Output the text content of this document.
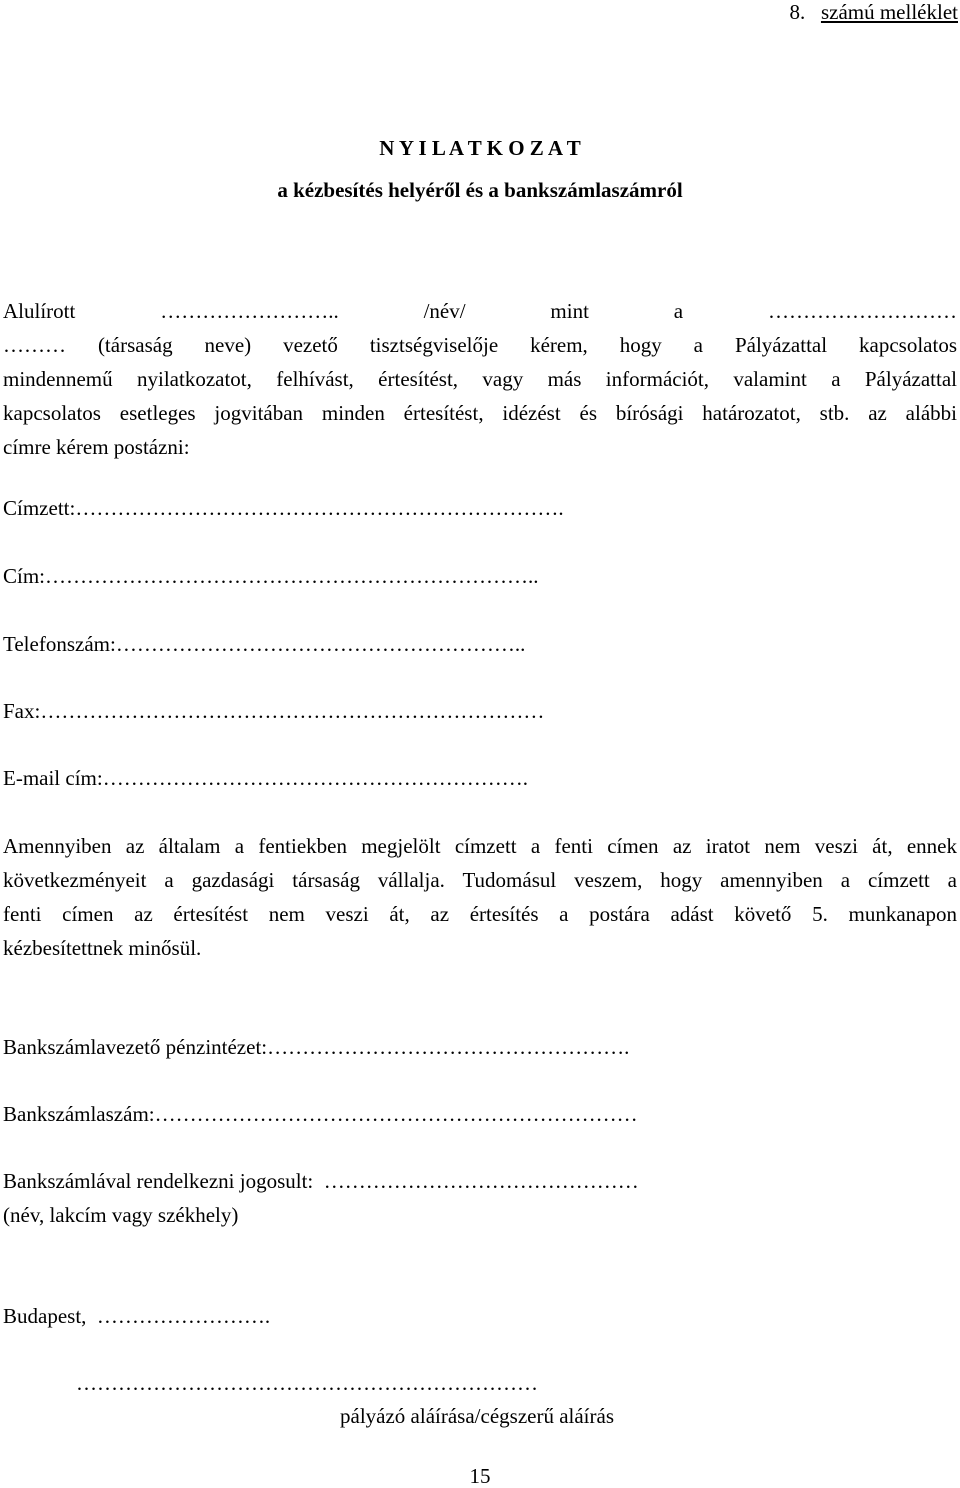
8. számú melléklet
N Y I L A T K O Z A T
a kézbesítés helyéről és a bankszámlaszámról
Alulírott …………………….. /név/ mint a ………………………
……… (társaság neve) vezető tisztségviselője kérem, hogy a Pályázattal kapcsolatos
mindennemű nyilatkozatot, felhívást, értesítést, vagy más információt, valamint a Pályázattal
kapcsolatos esetleges jogvitában minden értesítést, idézést és bírósági határozatot, stb. az alábbi
címre kérem postázni:
Címzett:…………………………………………………………….
Cím:……………………………………………………………..
Telefonszám:…………………………………………………..
Fax:………………………………………………………………
E-mail cím:…………………………………………………….
Amennyiben az általam a fentiekben megjelölt címzett a fenti címen az iratot nem veszi át, ennek
következményeit a gazdasági társaság vállalja. Tudomásul veszem, hogy amennyiben a címzett a
fenti címen az értesítést nem veszi át, az értesítés a postára adást követő 5. munkanapon
kézbesítettnek minősül.
Bankszámlavezető pénzintézet:…………………………………………….
Bankszámlaszám:……………………………………………………………
Bankszámlával rendelkezni jogosult:  ………………………………………
(név, lakcím vagy székhely)
Budapest,  …………………….
…………………………………………………………
pályázó aláírása/cégszerű aláírás
15
